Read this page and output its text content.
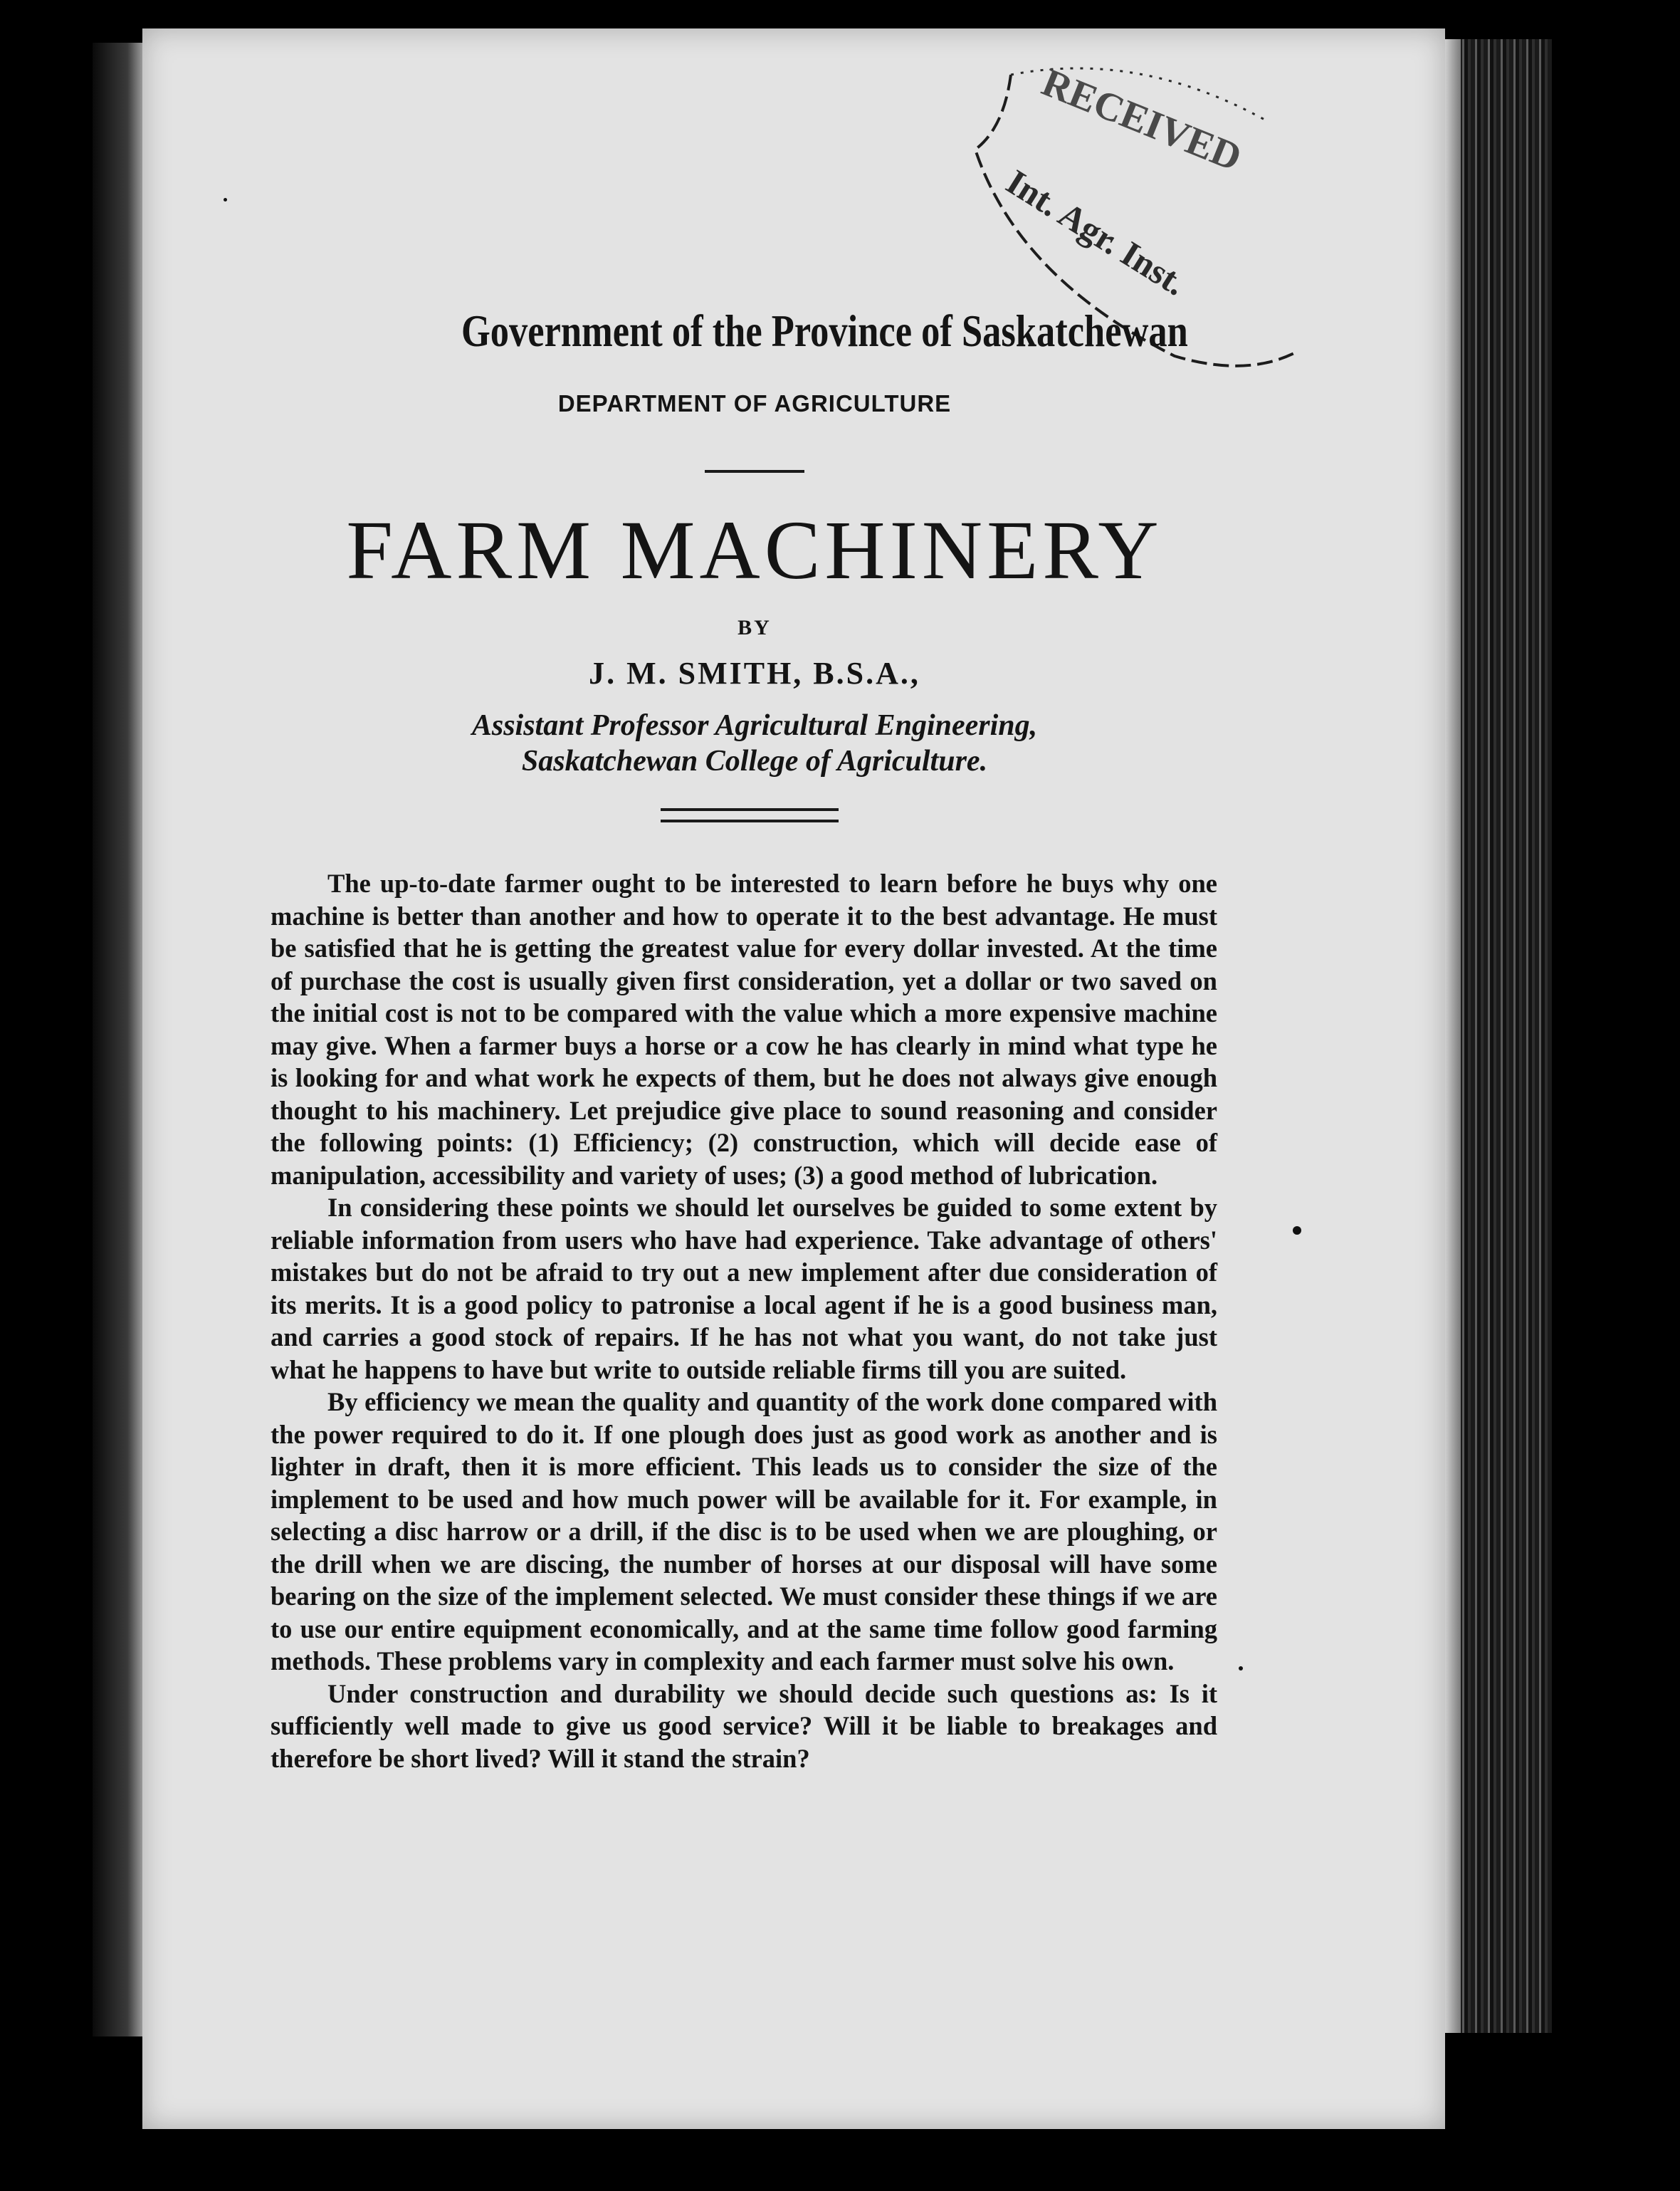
RECEIVED
Int. Agr. Inst.
Government of the Province of Saskatchewan
DEPARTMENT OF AGRICULTURE
FARM MACHINERY
BY
J. M. SMITH, B.S.A.,
Assistant Professor Agricultural Engineering,
Saskatchewan College of Agriculture.

The up-to-date farmer ought to be interested to learn before he buys why one machine is better than another and how to operate it to the best advantage. He must be satisfied that he is getting the greatest value for every dollar invested. At the time of purchase the cost is usually given first consideration, yet a dollar or two saved on the initial cost is not to be compared with the value which a more expensive machine may give. When a farmer buys a horse or a cow he has clearly in mind what type he is looking for and what work he expects of them, but he does not always give enough thought to his machinery. Let prejudice give place to sound reasoning and consider the following points: (1) Efficiency; (2) construction, which will decide ease of manipulation, accessibility and variety of uses; (3) a good method of lubrication.

In considering these points we should let ourselves be guided to some extent by reliable information from users who have had experience. Take advantage of others' mistakes but do not be afraid to try out a new implement after due consideration of its merits. It is a good policy to patronise a local agent if he is a good business man, and carries a good stock of repairs. If he has not what you want, do not take just what he happens to have but write to outside reliable firms till you are suited.

By efficiency we mean the quality and quantity of the work done compared with the power required to do it. If one plough does just as good work as another and is lighter in draft, then it is more efficient. This leads us to consider the size of the implement to be used and how much power will be available for it. For example, in selecting a disc harrow or a drill, if the disc is to be used when we are ploughing, or the drill when we are discing, the number of horses at our disposal will have some bearing on the size of the implement selected. We must consider these things if we are to use our entire equipment economically, and at the same time follow good farming methods. These problems vary in complexity and each farmer must solve his own.

Under construction and durability we should decide such questions as: Is it sufficiently well made to give us good service? Will it be liable to breakages and therefore be short lived? Will it stand the strain?
